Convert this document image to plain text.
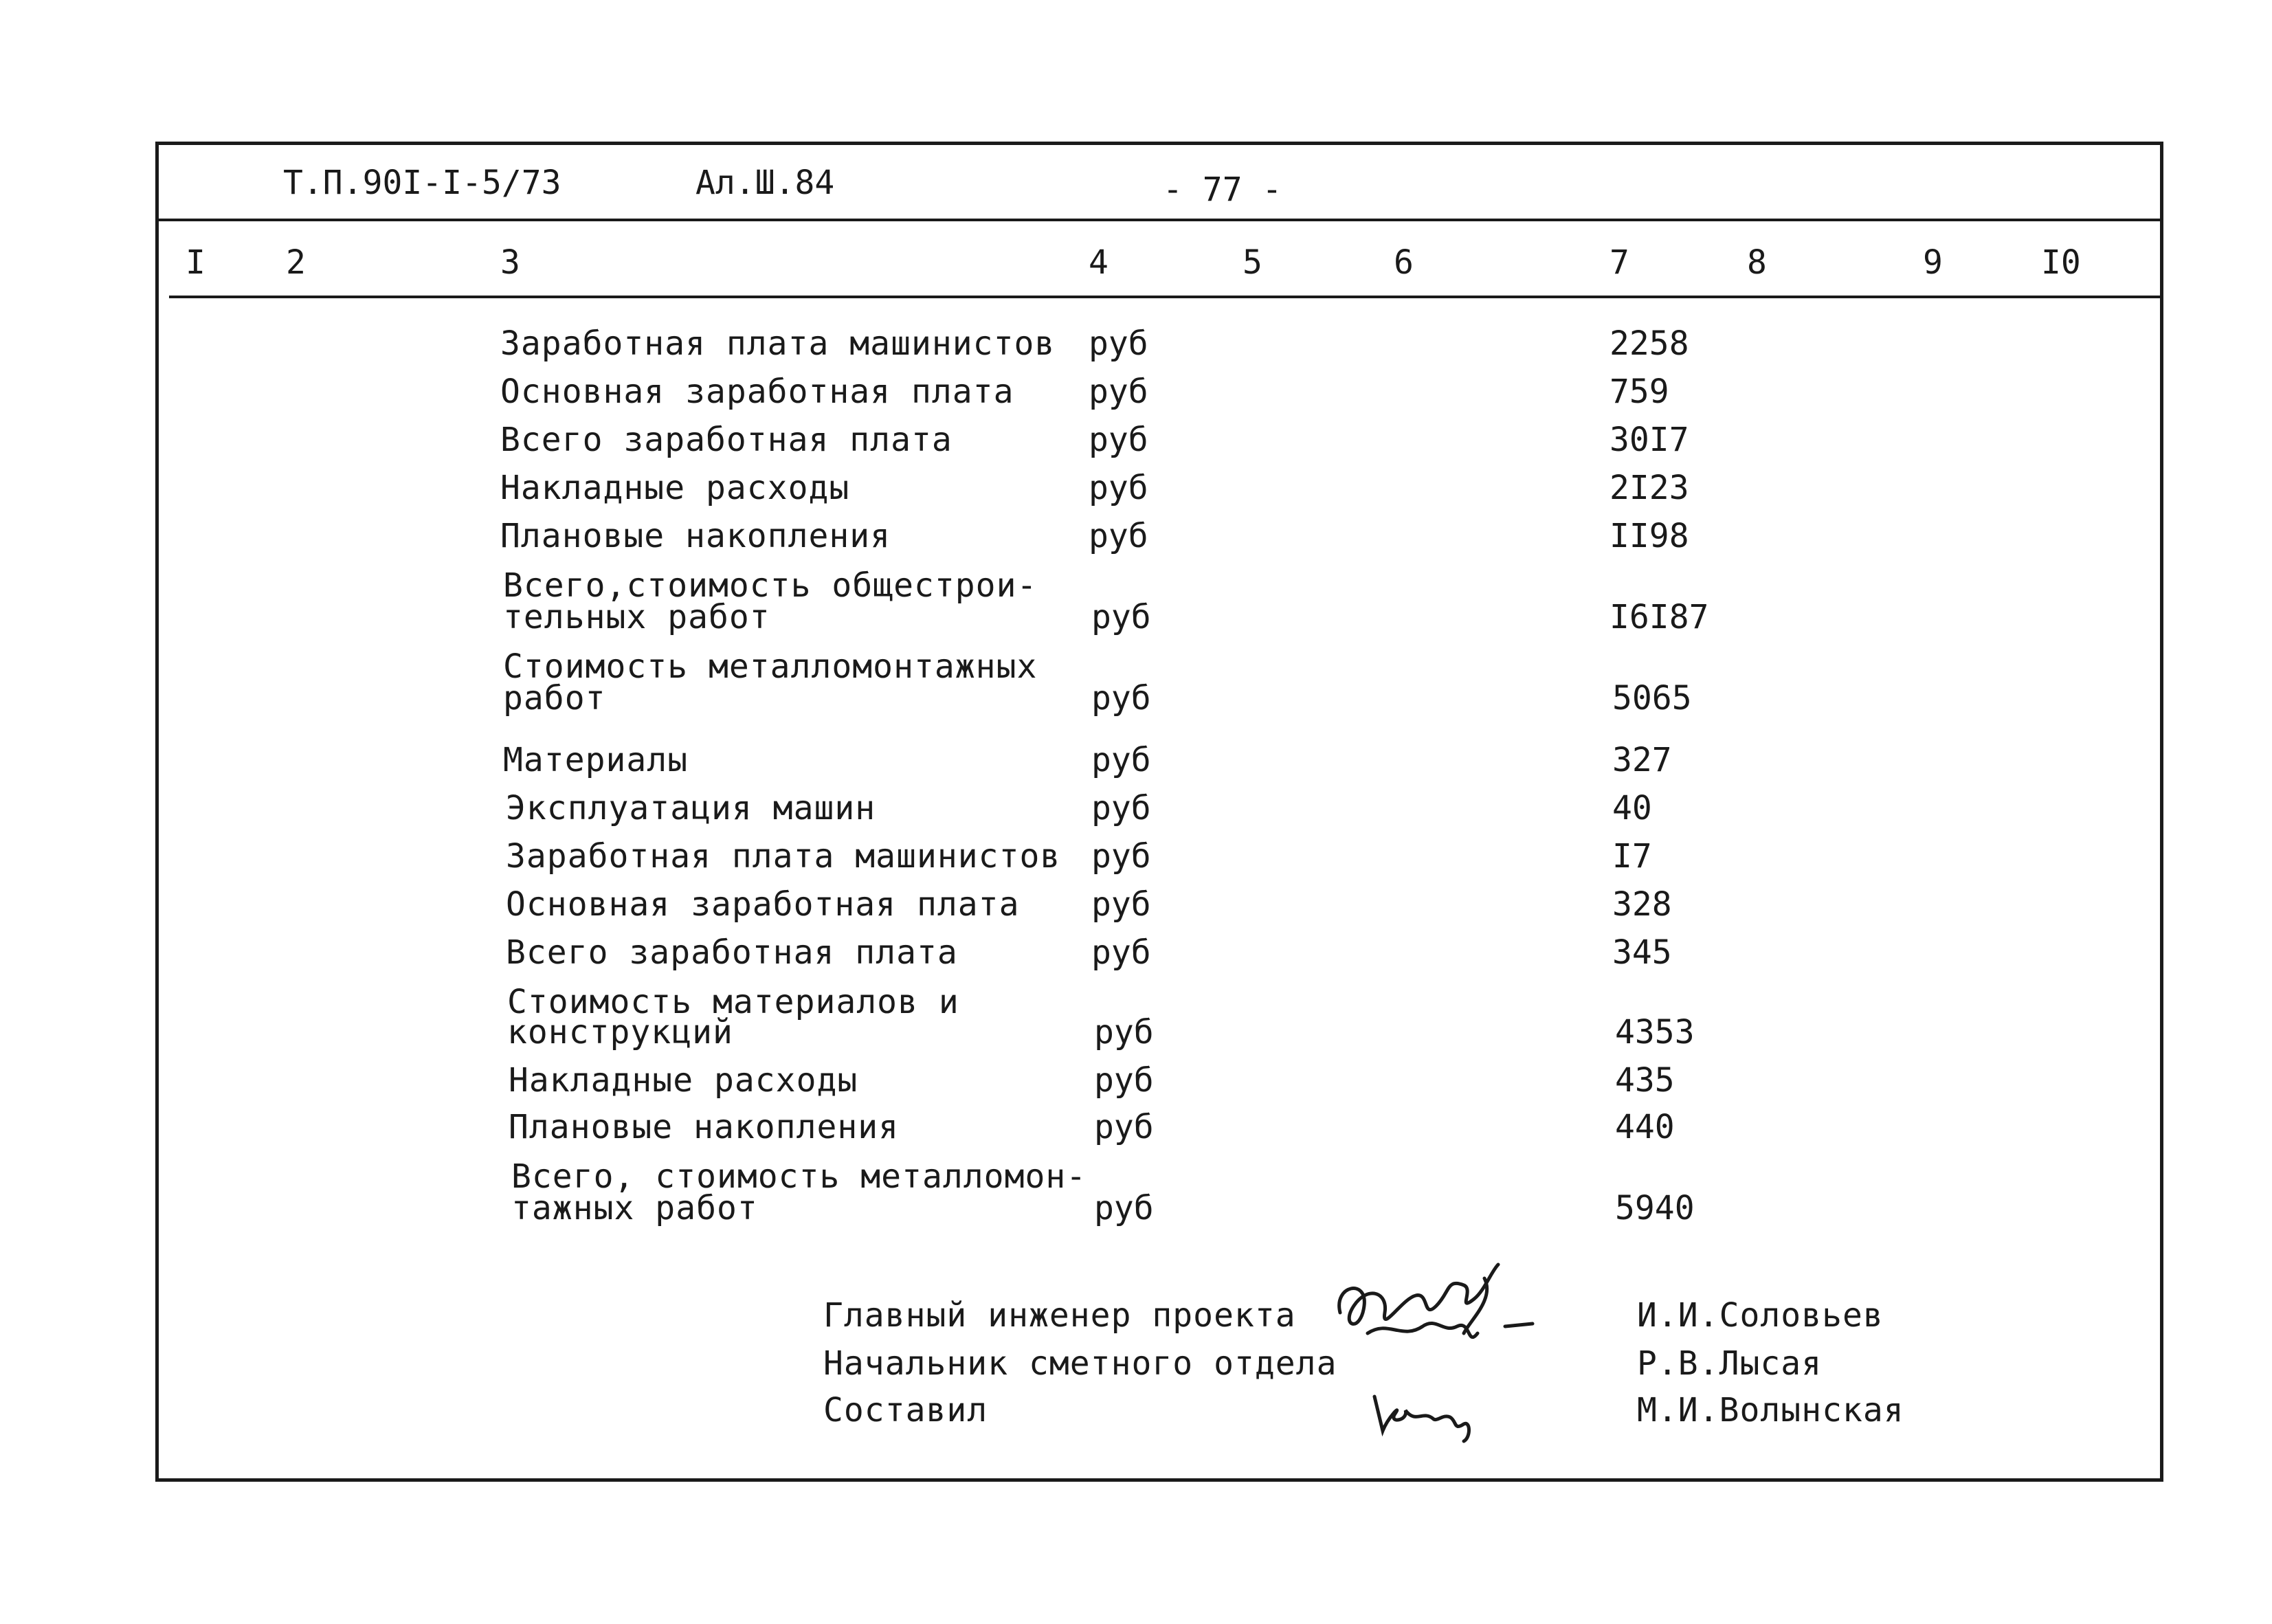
Т.П.90I-I-5/73	Ал.Ш.84	- 77 -
I 2	3	4	5	6	7	8	9	I0
Заработная плата машинистов руб	2258
Основная заработная плата руб	759
Всего заработная плата	руб	30I7
Накладные расходы	руб	2I23
Плановые накопления	руб	II98
Всего,стоимость общестрои-
тельных работ	руб	I6I87
Стоимость металломонтажных
работ	руб	5065
Материалы	руб	327
Эксплуатация машин	руб	40
Заработная плата машинистов руб	I7
Основная заработная плата руб	328
Всего заработная плата	руб	345
Стоимость материалов и
конструкций	руб	4353
Накладные расходы	руб	435
Плановые накопления	руб	440
Всего, стоимость металломон-
тажных работ	руб	5940
Главный инженер проекта	И.И.Соловьев
Начальник сметного отдела	Р.В.Лысая
Составил	М.И.Волынская
